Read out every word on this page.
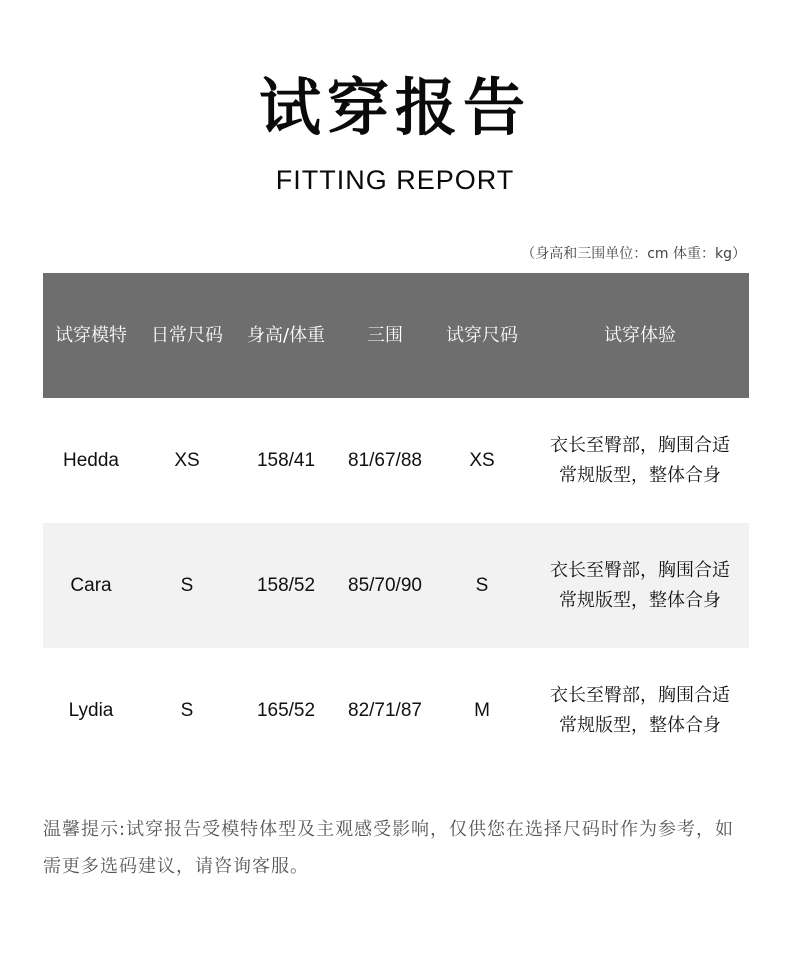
试穿报告
FITTING REPORT
（身高和三围单位：cm 体重：kg）
试穿模特	日常尺码	身高/体重	三围	试穿尺码	试穿体验
Hedda	XS	158/41	81/67/88	XS
衣长至臀部，胸围合适
常规版型，整体合身
Cara	S	158/52	85/70/90	S
衣长至臀部，胸围合适
常规版型，整体合身
Lydia	S	165/52	82/71/87	M
衣长至臀部，胸围合适
常规版型，整体合身
温馨提示:试穿报告受模特体型及主观感受影响，仅供您在选择尺码时作为参考，如需更多选码建议，请咨询客服。
